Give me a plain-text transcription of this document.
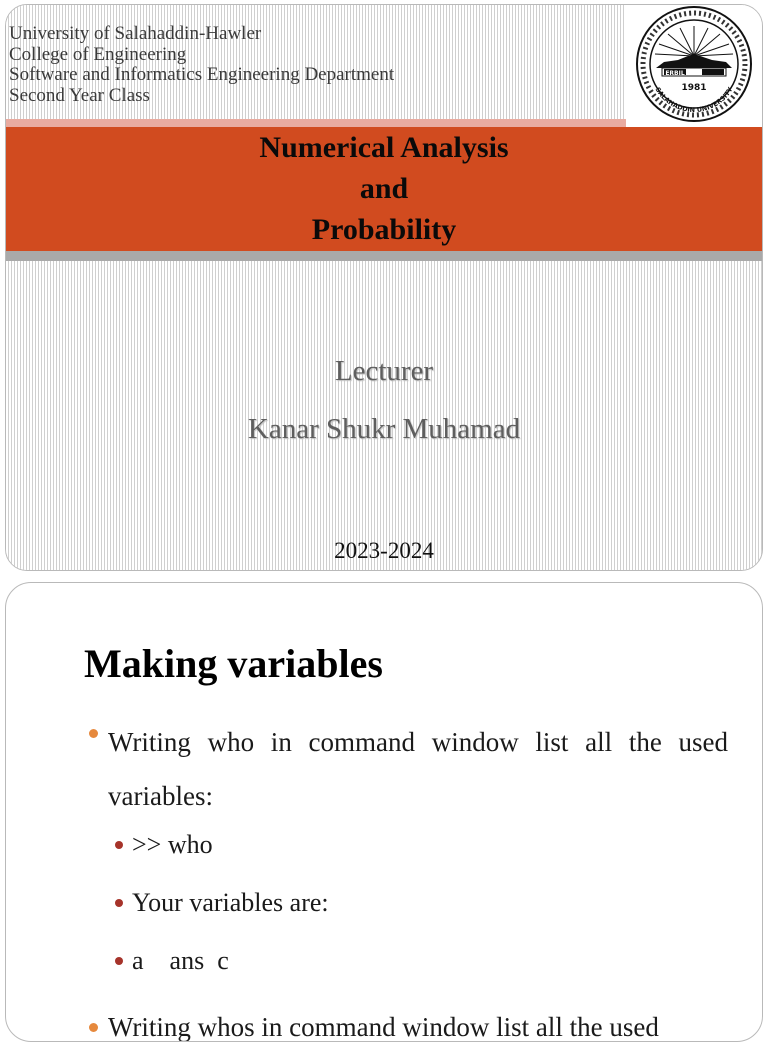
University of Salahaddin-Hawler
College of Engineering
Software and Informatics Engineering Department
Second Year Class
ERBIL
1981
SALAHADDIN UNIVERSITY
Numerical Analysis
and
Probability
Lecturer
Kanar Shukr Muhamad
2023-2024
Making variables
Writing who in command window list all the used variables:
>> who
Your variables are:
a    ans  c
Writing whos in command window list all the used
